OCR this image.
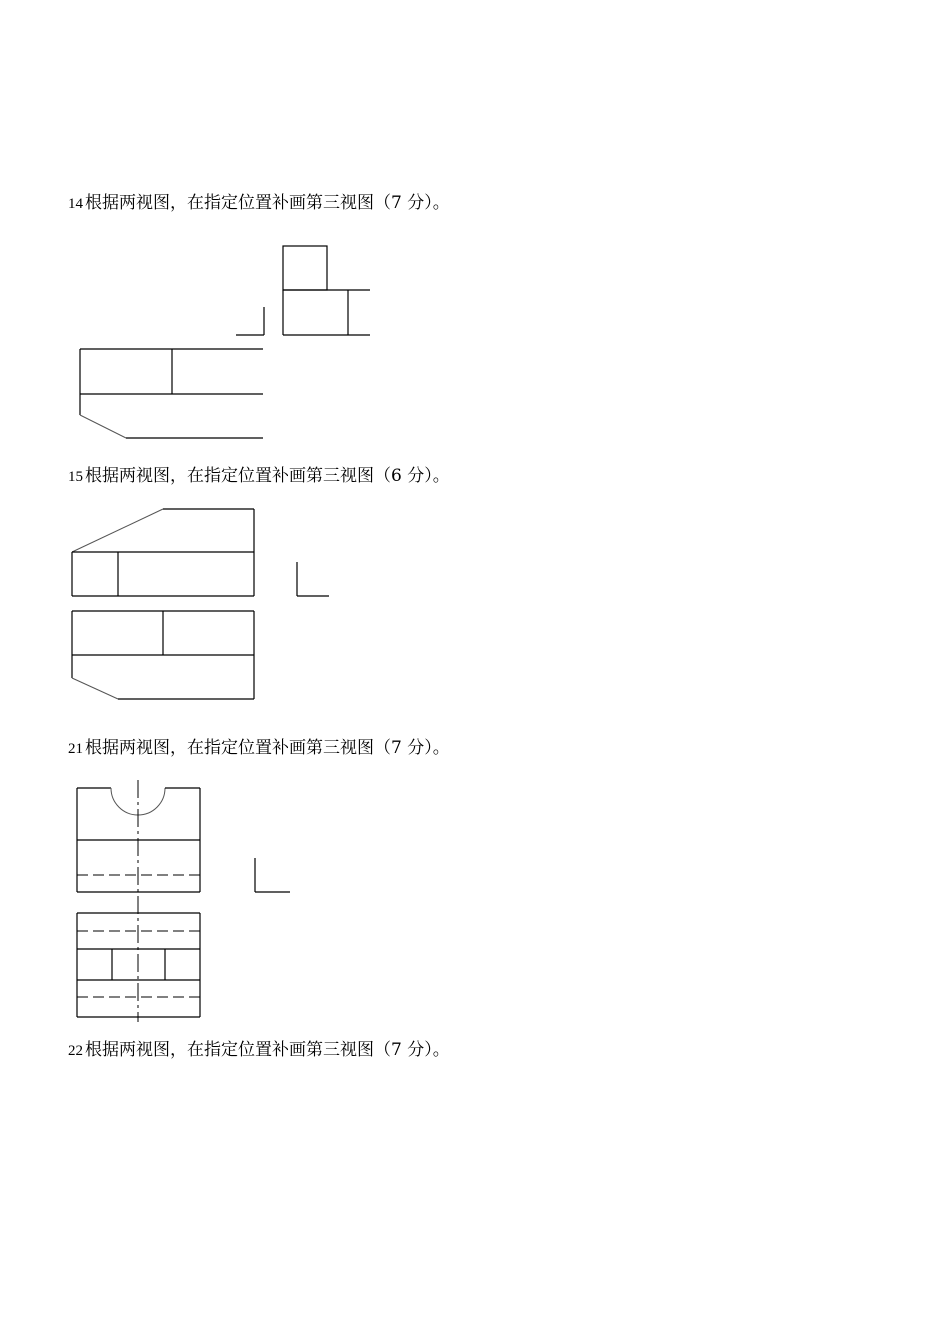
14 根据两视图，在指定位置补画第三视图（7 分）。
15 根据两视图，在指定位置补画第三视图（6 分）。
21 根据两视图，在指定位置补画第三视图（7 分）。
22 根据两视图，在指定位置补画第三视图（7 分）。
